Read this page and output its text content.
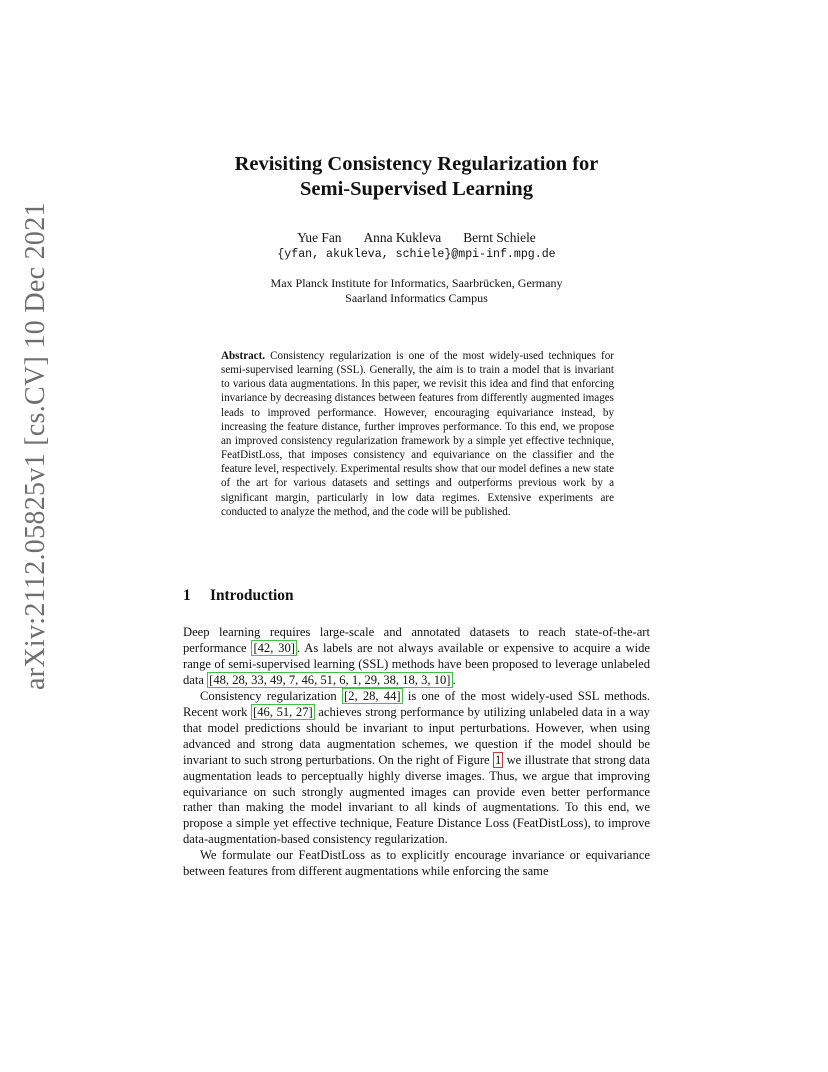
arXiv:2112.05825v1 [cs.CV] 10 Dec 2021
Revisiting Consistency Regularization for
Semi-Supervised Learning
Yue Fan Anna Kukleva Bernt Schiele
{yfan, akukleva, schiele}@mpi-inf.mpg.de
Max Planck Institute for Informatics, Saarbrücken, Germany
Saarland Informatics Campus
Abstract. Consistency regularization is one of the most widely-used techniques for semi-supervised learning (SSL). Generally, the aim is to train a model that is invariant to various data augmentations. In this paper, we revisit this idea and find that enforcing invariance by decreasing distances between features from differently augmented images leads to improved performance. However, encouraging equivariance instead, by increasing the feature distance, further improves performance. To this end, we propose an improved consistency regularization framework by a simple yet effective technique, FeatDistLoss, that imposes consistency and equivariance on the classifier and the feature level, respectively. Experimental results show that our model defines a new state of the art for various datasets and settings and outperforms previous work by a significant margin, particularly in low data regimes. Extensive experiments are conducted to analyze the method, and the code will be published.
1 Introduction

Deep learning requires large-scale and annotated datasets to reach state-of-the-art performance [42, 30] . As labels are not always available or expensive to acquire a wide range of semi-supervised learning (SSL) methods have been proposed to leverage unlabeled data [48, 28, 33, 49, 7, 46, 51, 6, 1, 29, 38, 18, 3, 10] .

Consistency regularization [2, 28, 44] is one of the most widely-used SSL methods. Recent work [46, 51, 27] achieves strong performance by utilizing unlabeled data in a way that model predictions should be invariant to input perturbations. However, when using advanced and strong data augmentation schemes, we question if the model should be invariant to such strong perturbations. On the right of Figure 1 we illustrate that strong data augmentation leads to perceptually highly diverse images. Thus, we argue that improving equivariance on such strongly augmented images can provide even better performance rather than making the model invariant to all kinds of augmentations. To this end, we propose a simple yet effective technique, Feature Distance Loss (FeatDistLoss), to improve data-augmentation-based consistency regularization.

We formulate our FeatDistLoss as to explicitly encourage invariance or equivariance between features from different augmentations while enforcing the same
